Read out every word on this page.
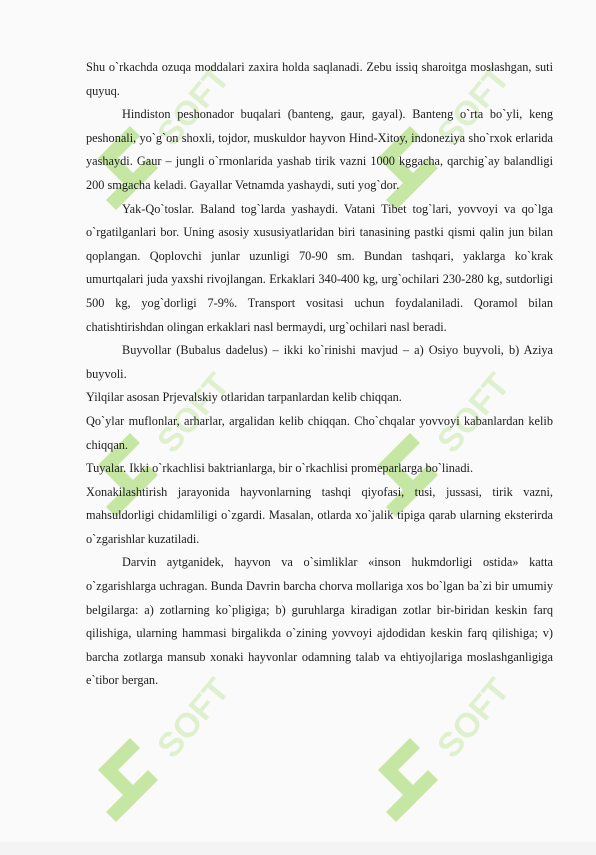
SOFT	SOFT
SOFT	SOFT
SOFT	SOFT

Shu o`rkachda ozuqa moddalari zaxira holda saqlanadi. Zebu issiq sharoitga moslashgan, suti quyuq.

Hindiston peshonador buqalari (banteng, gaur, gayal). Banteng o`rta bo`yli, keng peshonali, yo`g`on shoxli, tojdor, muskuldor hayvon Hind-Xitoy, indoneziya sho`rxok erlarida yashaydi. Gaur – jungli o`rmonlarida yashab tirik vazni 1000 kggacha, qarchig`ay balandligi 200 smgacha keladi. Gayallar Vetnamda yashaydi, suti yog`dor.

Yak-Qo`toslar. Baland tog`larda yashaydi. Vatani Tibet tog`lari, yovvoyi va qo`lga o`rgatilganlari bor. Uning asosiy xususiyatlaridan biri tanasining pastki qismi qalin jun bilan qoplangan. Qoplovchi junlar uzunligi 70-90 sm. Bundan tashqari, yaklarga ko`krak umurtqalari juda yaxshi rivojlangan. Erkaklari 340-400 kg, urg`ochilari 230-280 kg, sutdorligi 500 kg, yog`dorligi 7-9%. Transport vositasi uchun foydalaniladi. Qoramol bilan chatishtirishdan olingan erkaklari nasl bermaydi, urg`ochilari nasl beradi.

Buyvollar (Bubalus dadelus) – ikki ko`rinishi mavjud – a) Osiyo buyvoli, b) Aziya buyvoli.

Yilqilar asosan Prjevalskiy otlaridan tarpanlardan kelib chiqqan.

Qo`ylar muflonlar, arharlar, argalidan kelib chiqqan. Cho`chqalar yovvoyi kabanlardan kelib chiqqan.

Tuyalar. Ikki o`rkachlisi baktrianlarga, bir o`rkachlisi promeparlarga bo`linadi.

Xonakilashtirish jarayonida hayvonlarning tashqi qiyofasi, tusi, jussasi, tirik vazni, mahsuldorligi chidamliligi o`zgardi. Masalan, otlarda xo`jalik tipiga qarab ularning eksterirda o`zgarishlar kuzatiladi.

Darvin aytganidek, hayvon va o`simliklar «inson hukmdorligi ostida» katta o`zgarishlarga uchragan. Bunda Davrin barcha chorva mollariga xos bo`lgan ba`zi bir umumiy belgilarga: a) zotlarning ko`pligiga; b) guruhlarga kiradigan zotlar bir-biridan keskin farq qilishiga, ularning hammasi birgalikda o`zining yovvoyi ajdodidan keskin farq qilishiga; v) barcha zotlarga mansub xonaki hayvonlar odamning talab va ehtiyojlariga moslashganligiga e`tibor bergan.
